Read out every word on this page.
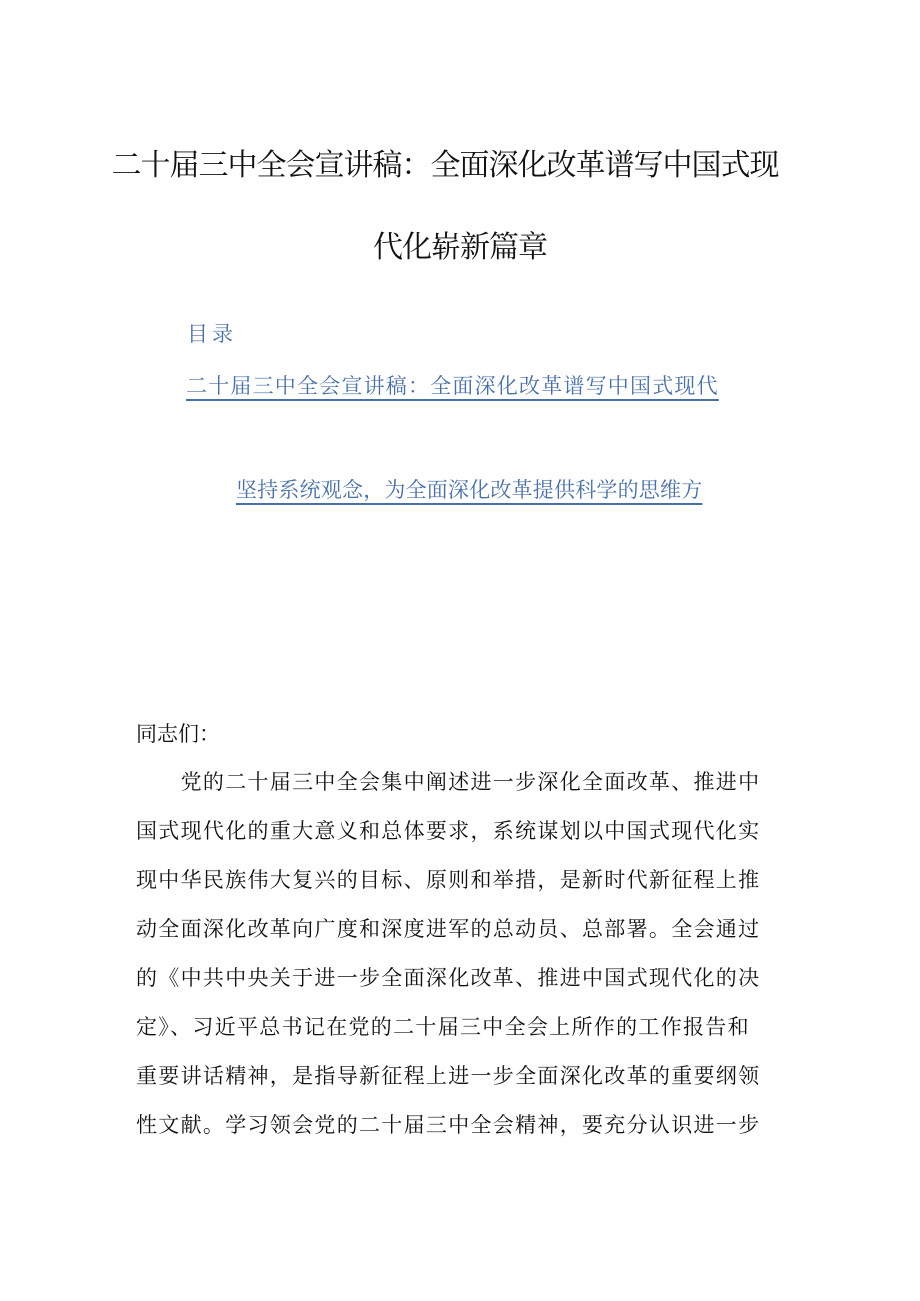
二十届三中全会宣讲稿：全面深化改革谱写中国式现
代化崭新篇章
目录
二十届三中全会宣讲稿：全面深化改革谱写中国式现代
坚持系统观念，为全面深化改革提供科学的思维方
同志们：
　　党的二十届三中全会集中阐述进一步深化全面改革、推进中
国式现代化的重大意义和总体要求，系统谋划以中国式现代化实
现中华民族伟大复兴的目标、原则和举措，是新时代新征程上推
动全面深化改革向广度和深度进军的总动员、总部署。全会通过
的《中共中央关于进一步全面深化改革、推进中国式现代化的决
定》、习近平总书记在党的二十届三中全会上所作的工作报告和
重要讲话精神，是指导新征程上进一步全面深化改革的重要纲领
性文献。学习领会党的二十届三中全会精神，要充分认识进一步
